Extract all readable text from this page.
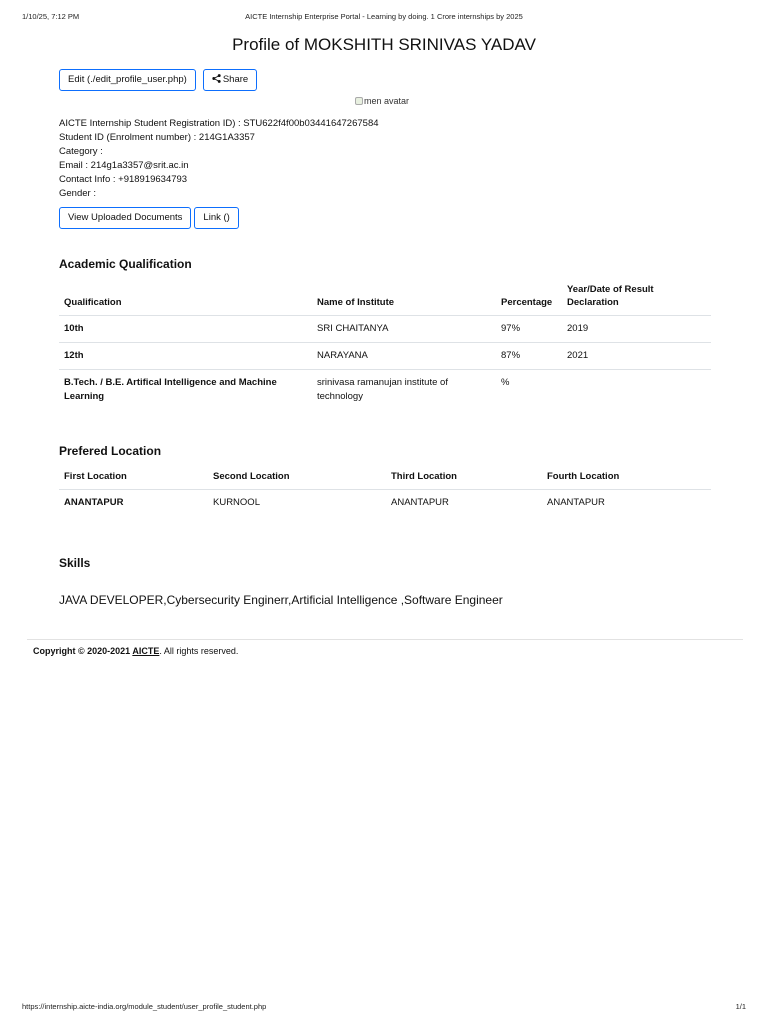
1/10/25, 7:12 PM	AICTE Internship Enterprise Portal - Learning by doing. 1 Crore internships by 2025
Profile of MOKSHITH SRINIVAS YADAV
Edit (./edit_profile_user.php)	Share
men avatar
AICTE Internship Student Registration ID) : STU622f4f00b03441647267584
Student ID (Enrolment number) : 214G1A3357
Category :
Email : 214g1a3357@srit.ac.in
Contact Info : +918919634793
Gender :
View Uploaded Documents	Link ()
Academic Qualification
Qualification	Name of Institute	Percentage	Year/Date of Result Declaration
10th	SRI CHAITANYA	97%	2019
12th	NARAYANA	87%	2021
B.Tech. / B.E. Artifical Intelligence and Machine Learning	srinivasa ramanujan institute of technology	%	
Prefered Location
First Location	Second Location	Third Location	Fourth Location
ANANTAPUR	KURNOOL	ANANTAPUR	ANANTAPUR
Skills
JAVA DEVELOPER,Cybersecurity Enginerr,Artificial Intelligence ,Software Engineer
Copyright © 2020-2021 AICTE. All rights reserved.
https://internship.aicte-india.org/module_student/user_profile_student.php	1/1
